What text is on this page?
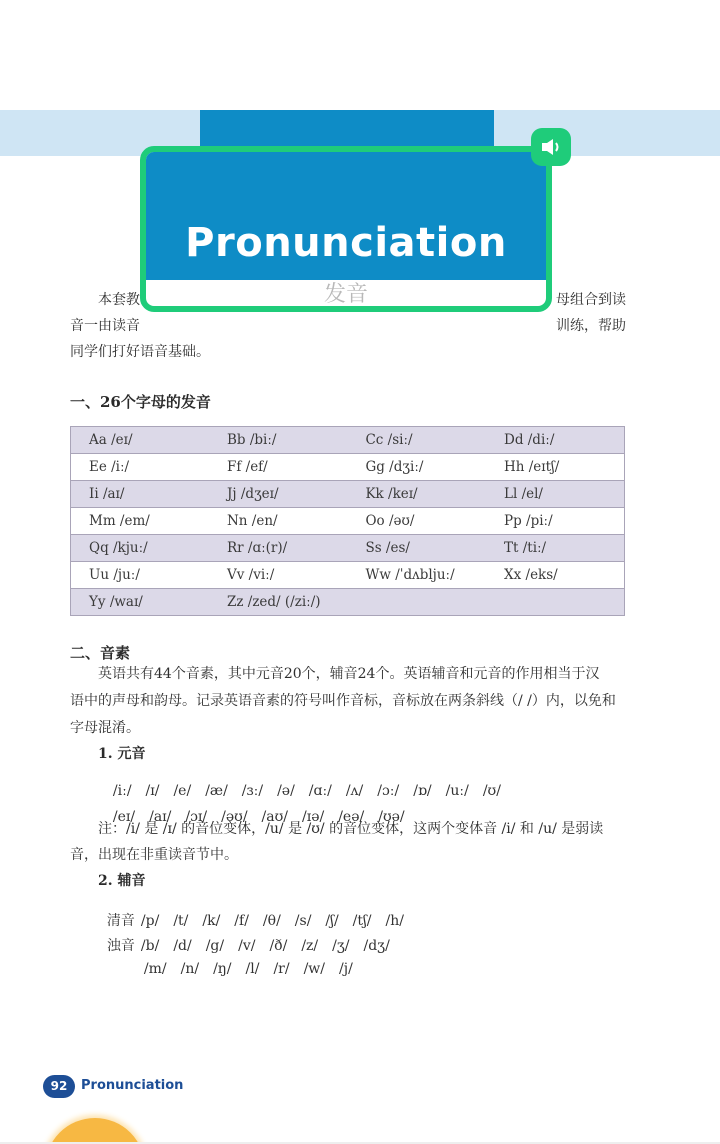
Pronunciation
发音
本套教	母组合到读
音一由读音	训练，帮助
同学们打好语音基础。
一、26个字母的发音
Aa /eɪ/	Bb /biː/	Cc /siː/	Dd /diː/
Ee /iː/	Ff /ef/	Gg /dʒiː/	Hh /eɪtʃ/
Ii /aɪ/	Jj /dʒeɪ/	Kk /keɪ/	Ll /el/
Mm /em/	Nn /en/	Oo /əʊ/	Pp /piː/
Qq /kjuː/	Rr /ɑː(r)/	Ss /es/	Tt /tiː/
Uu /juː/	Vv /viː/	Ww /ˈdʌbljuː/	Xx /eks/
Yy /waɪ/	Zz /zed/ (/ziː/)		
二、音素
英语共有44个音素，其中元音20个，辅音24个。英语辅音和元音的作用相当于汉
语中的声母和韵母。记录英语音素的符号叫作音标，音标放在两条斜线（/ /）内，以免和
字母混淆。
1. 元音

/iː/ /ɪ/ /e/ /æ/ /ɜː/ /ə/ /ɑː/ /ʌ/ /ɔː/ /ɒ/ /uː/ /ʊ/

/eɪ/ /aɪ/ /ɔɪ/ /əʊ/ /aʊ/ /ɪə/ /eə/ /ʊə/

注：/i/ 是 /ɪ/ 的音位变体，/u/ 是 /ʊ/ 的音位变体，这两个变体音 /i/ 和 /u/ 是弱读
音，出现在非重读音节中。
2. 辅音

清音 /p/ /t/ /k/ /f/ /θ/ /s/ /ʃ/ /tʃ/ /h/

浊音 /b/ /d/ /g/ /v/ /ð/ /z/ /ʒ/ /dʒ/

/m/ /n/ /ŋ/ /l/ /r/ /w/ /j/

92	Pronunciation
